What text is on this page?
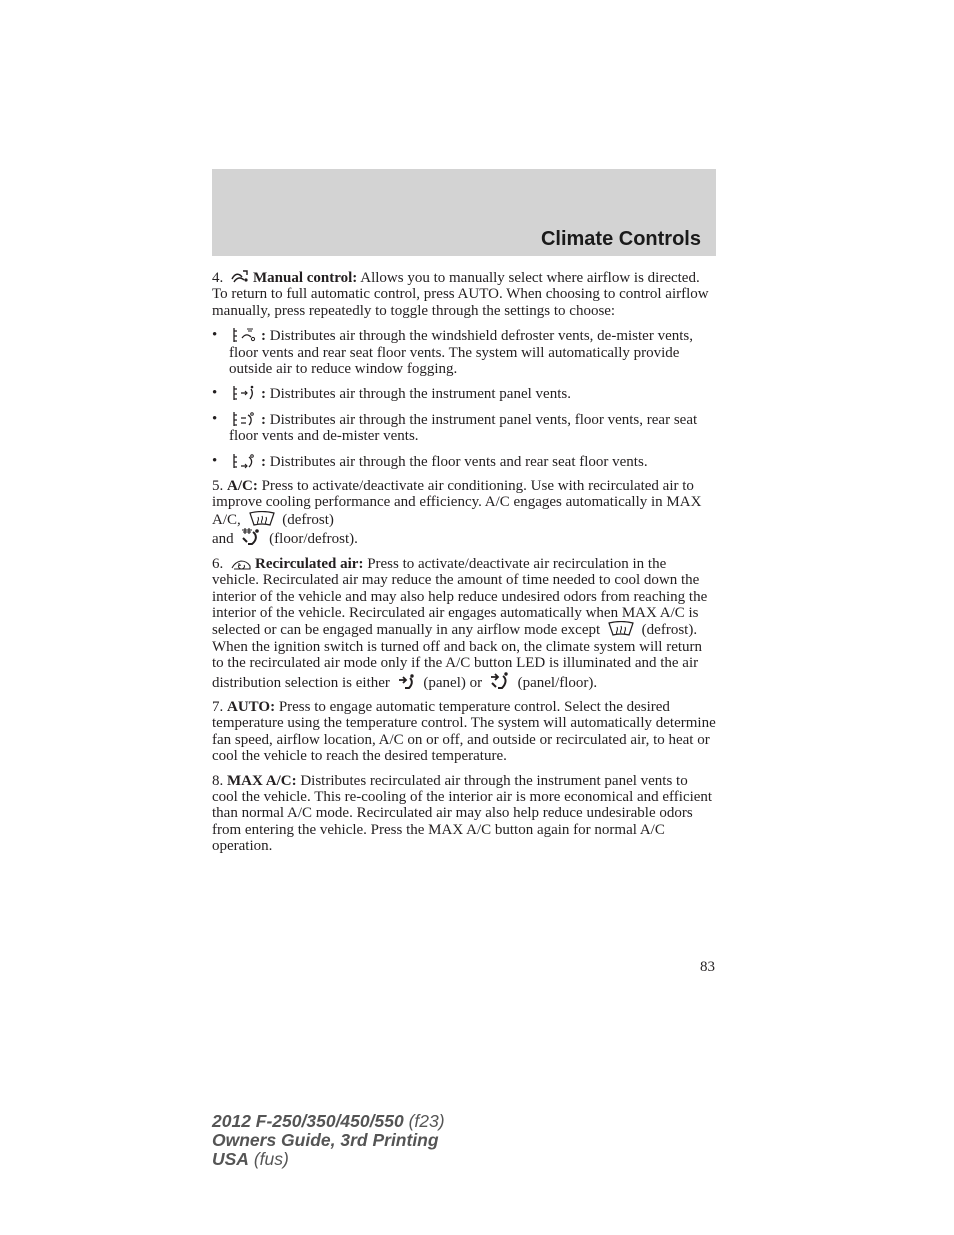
Climate Controls

4. Manual control: Allows you to manually select where airflow is directed. To return to full automatic control, press AUTO. When choosing to control airflow manually, press repeatedly to toggle through the settings to choose:

• : Distributes air through the windshield defroster vents, de-mister vents, floor vents and rear seat floor vents. The system will automatically provide outside air to reduce window fogging.
• : Distributes air through the instrument panel vents.
• : Distributes air through the instrument panel vents, floor vents, rear seat floor vents and de-mister vents.
• : Distributes air through the floor vents and rear seat floor vents.

5. A/C: Press to activate/deactivate air conditioning. Use with recirculated air to improve cooling performance and efficiency. A/C engages automatically in MAX A/C,	(defrost)
and (floor/defrost).

6. Recirculated air: Press to activate/deactivate air recirculation in the vehicle. Recirculated air may reduce the amount of time needed to cool down the interior of the vehicle and may also help reduce undesired odors from reaching the interior of the vehicle. Recirculated air engages automatically when MAX A/C is selected or can be engaged manually in any airflow mode except	(defrost). When the ignition switch is turned off and back on, the climate system will return to the recirculated air mode only if the A/C button LED is illuminated and the air distribution selection is either (panel) or (panel/floor).

7. AUTO: Press to engage automatic temperature control. Select the desired temperature using the temperature control. The system will automatically determine fan speed, airflow location, A/C on or off, and outside or recirculated air, to heat or cool the vehicle to reach the desired temperature.

8. MAX A/C: Distributes recirculated air through the instrument panel vents to cool the vehicle. This re-cooling of the interior air is more economical and efficient than normal A/C mode. Recirculated air may also help reduce undesirable odors from entering the vehicle. Press the MAX A/C button again for normal A/C operation.

83
2012 F-250/350/450/550 (f23)
Owners Guide, 3rd Printing
USA (fus)
